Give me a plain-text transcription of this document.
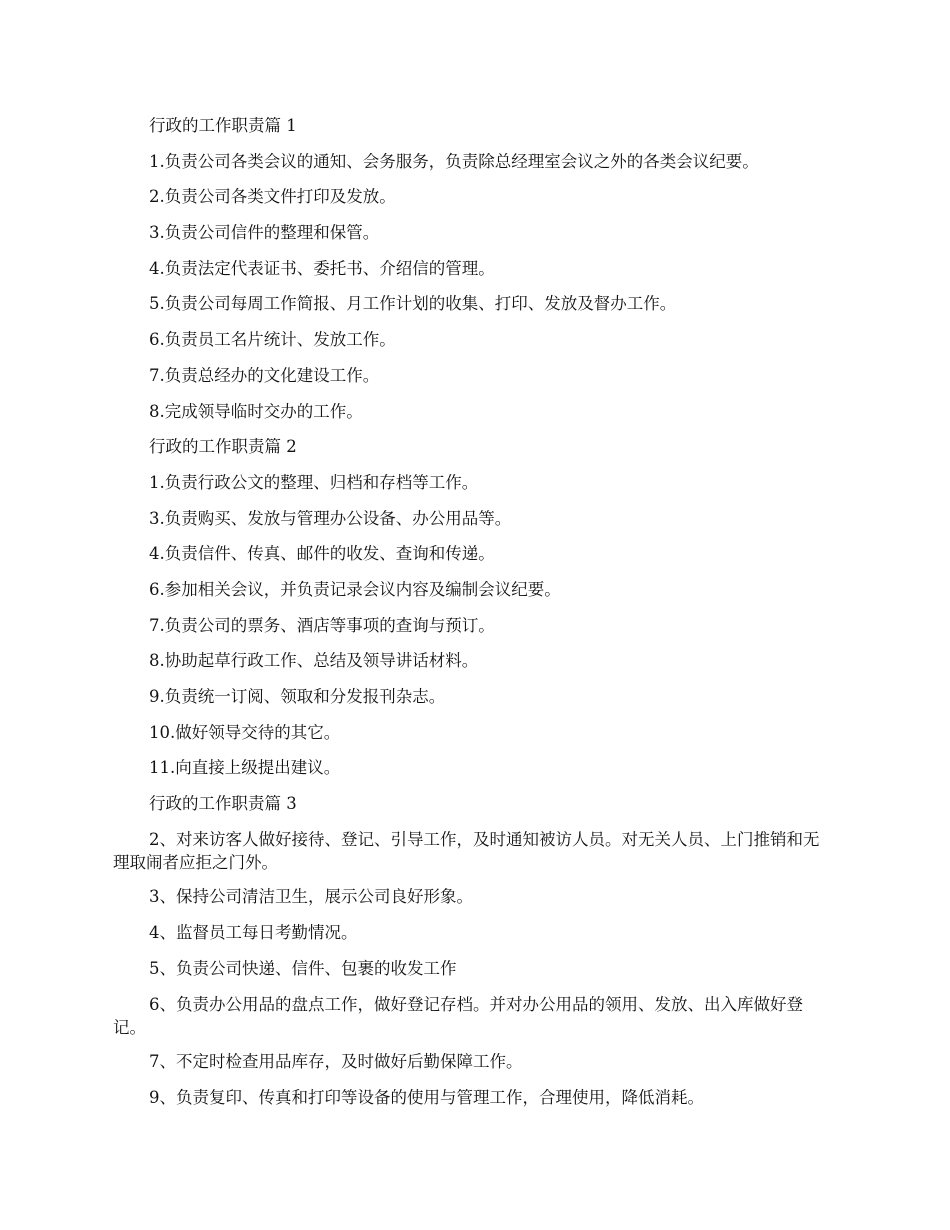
行政的工作职责篇 1

1.负责公司各类会议的通知、会务服务，负责除总经理室会议之外的各类会议纪要。

2.负责公司各类文件打印及发放。

3.负责公司信件的整理和保管。

4.负责法定代表证书、委托书、介绍信的管理。

5.负责公司每周工作简报、月工作计划的收集、打印、发放及督办工作。

6.负责员工名片统计、发放工作。

7.负责总经办的文化建设工作。

8.完成领导临时交办的工作。

行政的工作职责篇 2

1.负责行政公文的整理、归档和存档等工作。

3.负责购买、发放与管理办公设备、办公用品等。

4.负责信件、传真、邮件的收发、查询和传递。

6.参加相关会议，并负责记录会议内容及编制会议纪要。

7.负责公司的票务、酒店等事项的查询与预订。

8.协助起草行政工作、总结及领导讲话材料。

9.负责统一订阅、领取和分发报刊杂志。

10.做好领导交待的其它。

11.向直接上级提出建议。

行政的工作职责篇 3

2、对来访客人做好接待、登记、引导工作，及时通知被访人员。对无关人员、上门推销和无理取闹者应拒之门外。

3、保持公司清洁卫生，展示公司良好形象。

4、监督员工每日考勤情况。

5、负责公司快递、信件、包裹的收发工作

6、负责办公用品的盘点工作，做好登记存档。并对办公用品的领用、发放、出入库做好登记。

7、不定时检查用品库存，及时做好后勤保障工作。

9、负责复印、传真和打印等设备的使用与管理工作，合理使用，降低消耗。
